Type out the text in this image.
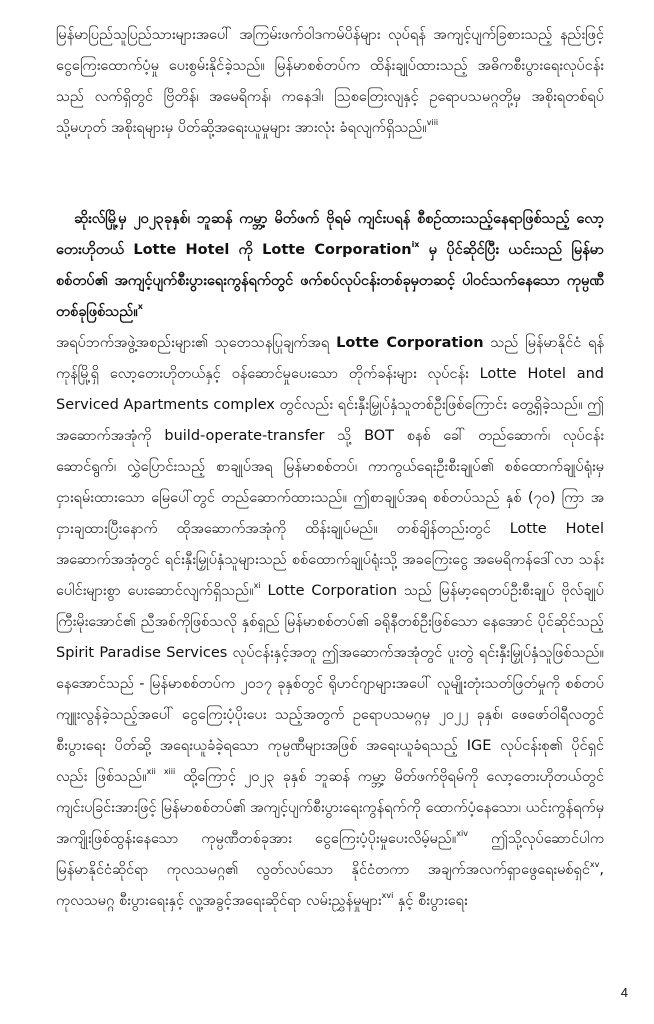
မြန်မာပြည်သူပြည်သားများအပေါ် အကြမ်းဖက်ဝါဒကမ်ပိန်များ လုပ်ရန် အကျင့်ပျက်ခြစားသည့် နည်းဖြင့် ငွေကြေးထောက်ပံ့မှု ပေးစွမ်းနိုင်ခဲ့သည်။ မြန်မာစစ်တပ်က ထိန်းချုပ်ထားသည့် အဓိကစီးပွားရေးလုပ်ငန်းသည် လက်ရှိတွင် ဗြိတိန်၊ အမေရိကန်၊ ကနေဒါ၊ သြစတြေးလျနှင့် ဥရောပသမဂ္ဂတို့မှ အစိုးရတစ်ရပ် သို့မဟုတ် အစိုးရများမှ ပိတ်ဆို့အရေးယူမှုများ အားလုံး ခံရလျက်ရှိသည်။$^{viii}$

ဆိုးလ်မြို့မှ ၂၀၂၃ခုနှစ်၊ ဘူဆန် ကမ္ဘာ့ မိတ်ဖက် ဗိုရမ် ကျင်းပရန် စီစဉ်ထားသည့်နေရာဖြစ်သည့် လော့တေးဟိုတယ် Lotte Hotel ကို Lotte Corporation$^{ix}$ မှ ပိုင်ဆိုင်ပြီး ယင်းသည် မြန်မာစစ်တပ်၏ အကျင့်ပျက်စီးပွားရေးကွန်ရက်တွင် ဖက်စပ်လုပ်ငန်းတစ်ခုမှတဆင့် ပါဝင်သက်နေသော ကုမ္ပဏီတစ်ခုဖြစ်သည်။$^x$

အရပ်ဘက်အဖွဲ့အစည်းများ၏ သုတေသနပြုချက်အရ Lotte Corporation သည် မြန်မာနိုင်ငံ ရန်ကုန်မြို့ရှိ လော့တေးဟိုတယ်နှင့် ဝန်ဆောင်မှုပေးသော တိုက်ခန်းများ လုပ်ငန်း Lotte Hotel and Serviced Apartments complex တွင်လည်း ရင်းနှီးမြှုပ်နှံသူတစ်ဦးဖြစ်ကြောင်း တွေ့ရှိခဲ့သည်။ ဤအဆောက်အအုံကို build-operate-transfer သို့ BOT စနစ် ခေါ် တည်ဆောက်၊ လုပ်ငန်းဆောင်ရွက်၊ လွှဲပြောင်းသည့် စာချုပ်အရ မြန်မာစစ်တပ်၊ ကာကွယ်ရေးဦးစီးချုပ်၏ စစ်ထောက်ချုပ်ရုံးမှ ငှားရမ်းထားသော မြေပေါ်တွင် တည်ဆောက်ထားသည်။ ဤစာချုပ်အရ စစ်တပ်သည် နှစ် (၇၀) ကြာ အငှားချထားပြီးနောက် ထိုအဆောက်အအုံကို ထိန်းချုပ်မည်။ တစ်ချိန်တည်းတွင် Lotte Hotel အဆောက်အအုံတွင် ရင်းနှီးမြှုပ်နှံသူများသည် စစ်ထောက်ချုပ်ရုံးသို့ အခကြေးငွေ အမေရိကန်ဒေါ်လာ သန်းပေါင်းများစွာ ပေးဆောင်လျက်ရှိသည်။$^{xi}$ Lotte Corporation သည် မြန်မာ့ရေတပ်ဦးစီးချုပ် ဗိုလ်ချုပ်ကြီးမိုးအောင်၏ ညီအစ်ကိုဖြစ်သလို နှစ်ရှည် မြန်မာစစ်တပ်၏ ခရိုနီတစ်ဦးဖြစ်သော နေအောင် ပိုင်ဆိုင်သည့် Spirit Paradise Services လုပ်ငန်းနှင့်အတူ ဤအဆောက်အအုံတွင် ပူးတွဲ ရင်းနှီးမြှုပ်နှံသူဖြစ်သည်။ နေအောင်သည် - မြန်မာစစ်တပ်က ၂၀၁၇ ခုနှစ်တွင် ရိုဟင်ဂျာများအပေါ် လူမျိုးတုံးသတ်ဖြတ်မှုကို စစ်တပ်ကျူးလွန်ခဲ့သည့်အပေါ် ငွေကြေးပံ့ပိုးပေး သည့်အတွက် ဥရောပသမဂ္ဂမှ ၂၀၂၂ ခုနှစ်၊ ဖေဖော်ဝါရီလတွင် စီးပွားရေး ပိတ်ဆို့ အရေးယူခံခဲ့ရသော ကုမ္ပဏီများအဖြစ် အရေးယူခံရသည့် IGE လုပ်ငန်းစု၏ ပိုင်ရှင်လည်း ဖြစ်သည်။$^{xii}$ $^{xiii}$ ထို့ကြောင့် ၂၀၂၃ ခုနှစ် ဘူဆန် ကမ္ဘာ့ မိတ်ဖက်ဗိုရမ်ကို လော့တေးဟိုတယ်တွင် ကျင်းပခြင်းအားဖြင့် မြန်မာစစ်တပ်၏ အကျင့်ပျက်စီးပွားရေးကွန်ရက်ကို ထောက်ပံ့နေသော၊ ယင်းကွန်ရက်မှ အကျိုးဖြစ်ထွန်းနေသော ကုမ္ပဏီတစ်ခုအား ငွေကြေးပံ့ပိုးမှုပေးလိမ့်မည်။$^{xiv}$ ဤသို့လုပ်ဆောင်ပါက မြန်မာနိုင်ငံဆိုင်ရာ ကုလသမဂ္ဂ၏ လွတ်လပ်သော နိုင်ငံတကာ အချက်အလက်ရှာဖွေရေးမစ်ရှင်$^{xv}$, ကုလသမဂ္ဂ စီးပွားရေးနှင့် လူ့အခွင့်အရေးဆိုင်ရာ လမ်းညွှန်မှုများ$^{xvi}$ နှင့် စီးပွားရေး

4
